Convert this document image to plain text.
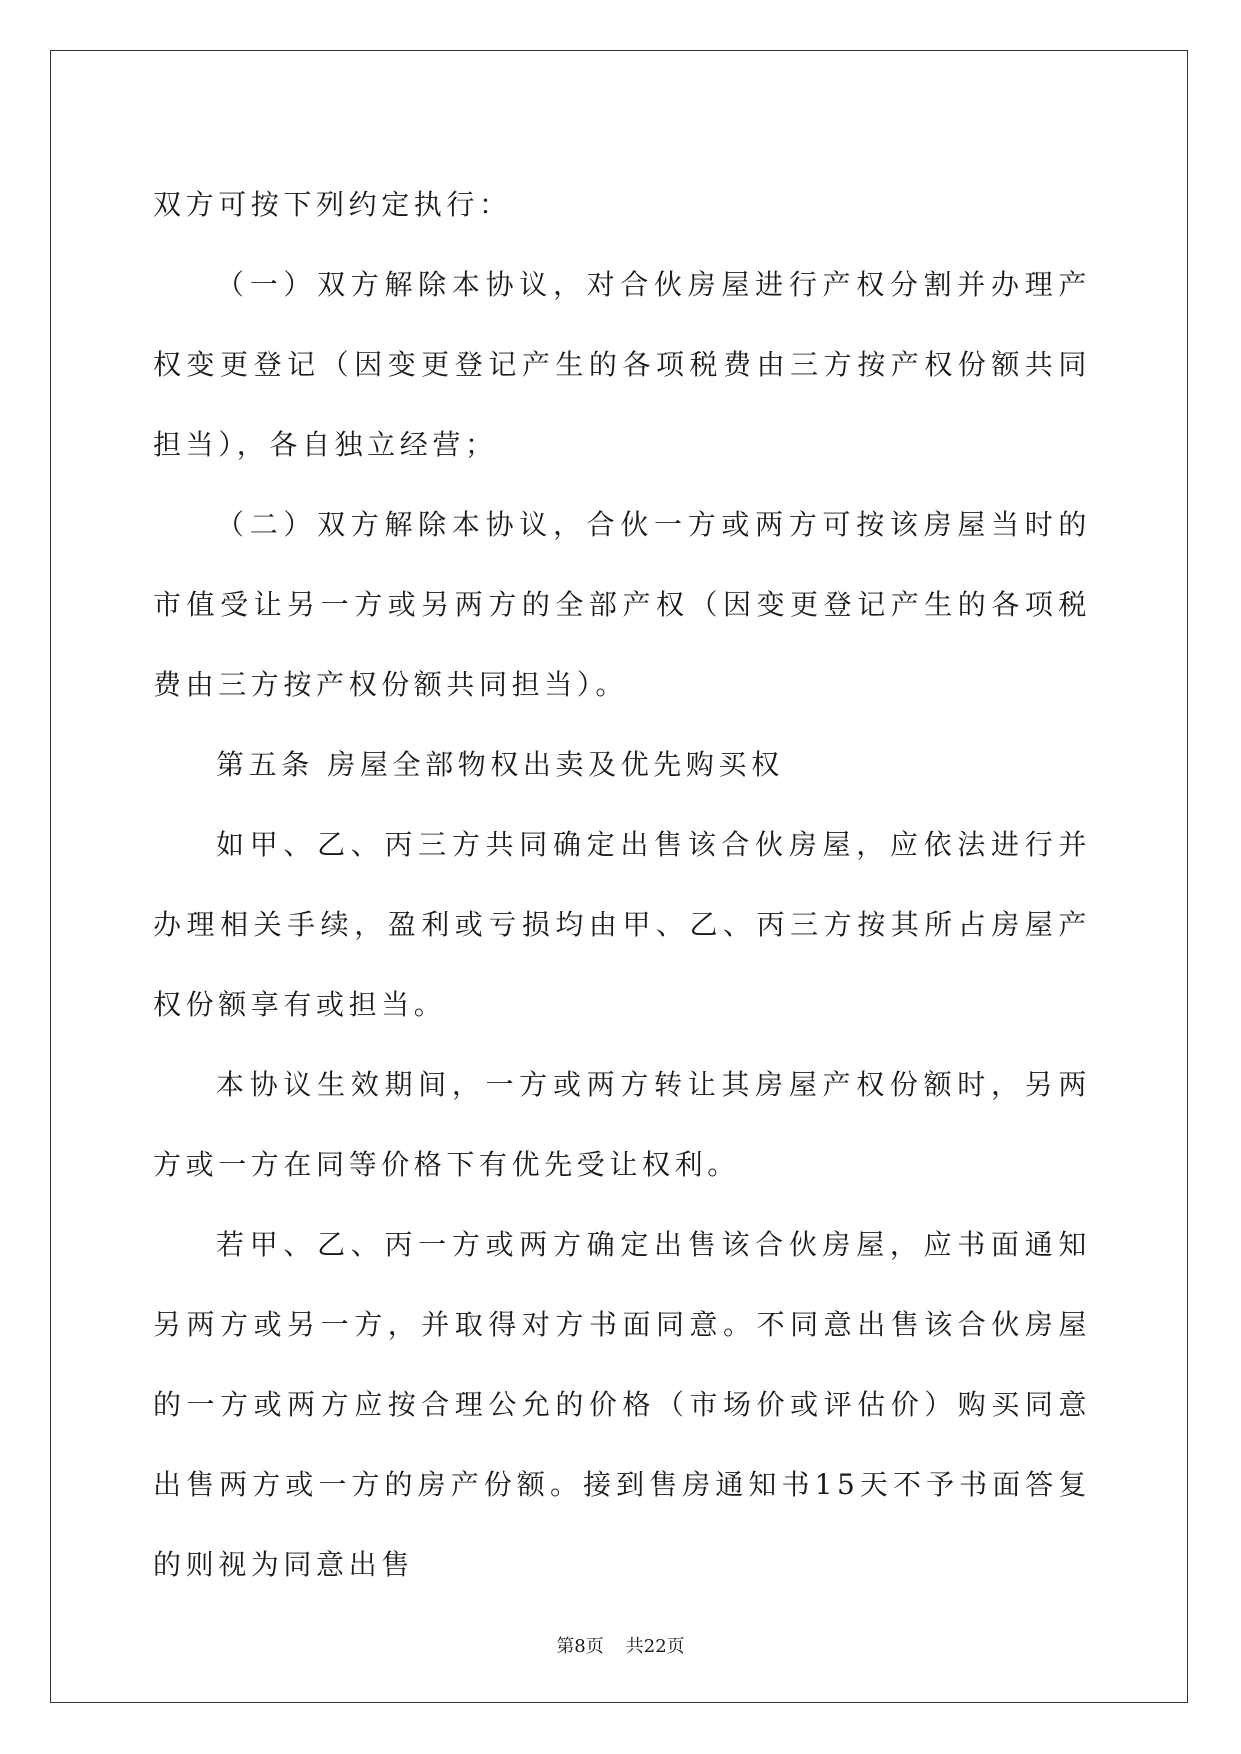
双方可按下列约定执行：

（一）双方解除本协议，对合伙房屋进行产权分割并办理产权变更登记（因变更登记产生的各项税费由三方按产权份额共同担当），各自独立经营；

（二）双方解除本协议，合伙一方或两方可按该房屋当时的市值受让另一方或另两方的全部产权（因变更登记产生的各项税费由三方按产权份额共同担当）。

第五条 房屋全部物权出卖及优先购买权

如甲、乙、丙三方共同确定出售该合伙房屋，应依法进行并办理相关手续，盈利或亏损均由甲、乙、丙三方按其所占房屋产权份额享有或担当。

本协议生效期间，一方或两方转让其房屋产权份额时，另两方或一方在同等价格下有优先受让权利。

若甲、乙、丙一方或两方确定出售该合伙房屋，应书面通知另两方或另一方，并取得对方书面同意。不同意出售该合伙房屋的一方或两方应按合理公允的价格（市场价或评估价）购买同意出售两方或一方的房产份额。接到售房通知书15天不予书面答复的则视为同意出售

第8页 共22页
